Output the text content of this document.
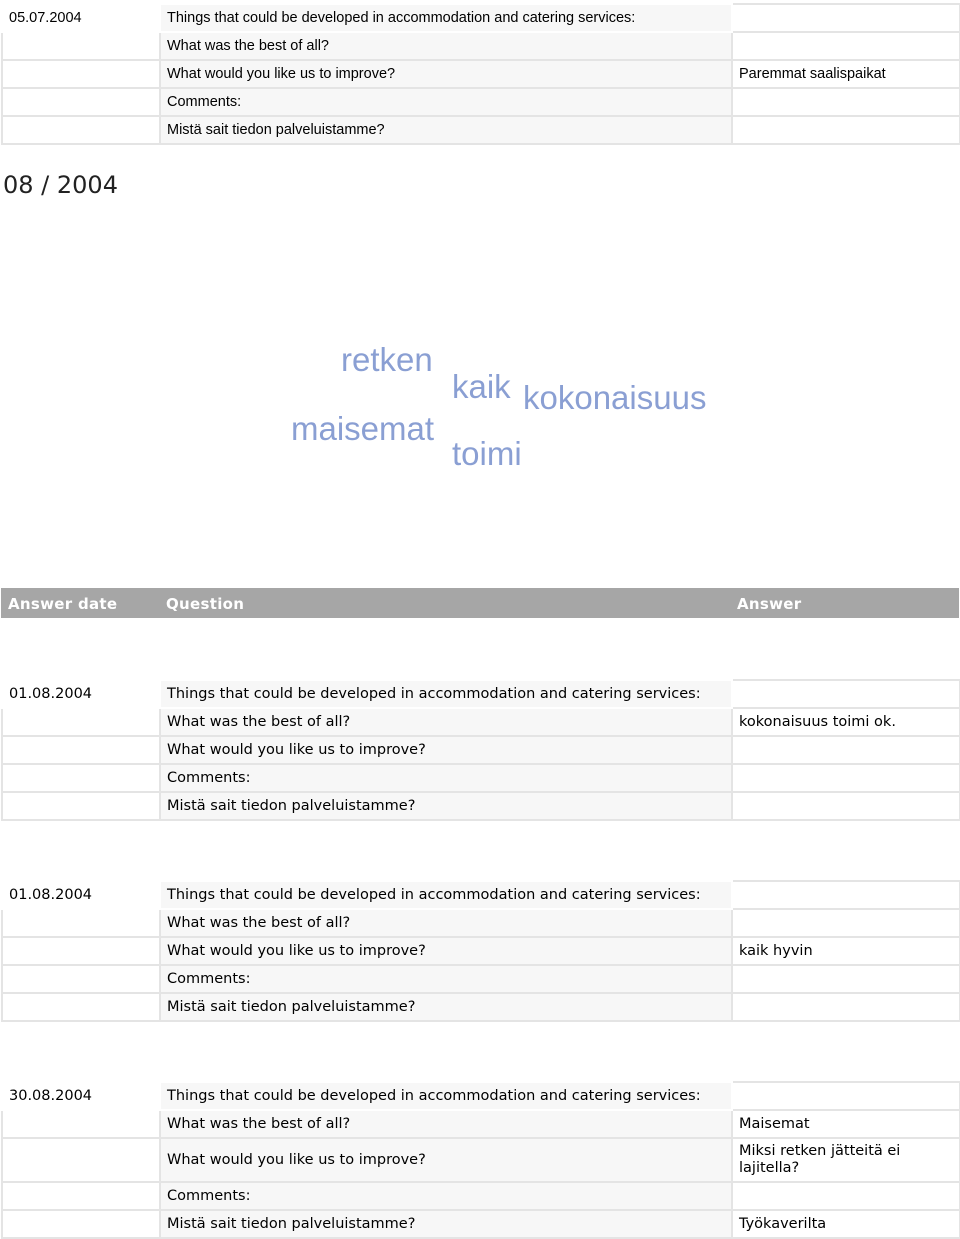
05.07.2004	Things that could be developed in accommodation and catering services:	
	What was the best of all?	
	What would you like us to improve?	Paremmat saalispaikat
	Comments:	
	Mistä sait tiedon palveluistamme?	
08 / 2004
retken
kaik kokonaisuus
maisemat
toimi
Answer date	Question	Answer
01.08.2004	Things that could be developed in accommodation and catering services:	
	What was the best of all?	kokonaisuus toimi ok.
	What would you like us to improve?	
	Comments:	
	Mistä sait tiedon palveluistamme?	
01.08.2004	Things that could be developed in accommodation and catering services:	
	What was the best of all?	
	What would you like us to improve?	kaik hyvin
	Comments:	
	Mistä sait tiedon palveluistamme?	
30.08.2004	Things that could be developed in accommodation and catering services:	
	What was the best of all?	Maisemat
	What would you like us to improve?	Miksi retken jätteitä ei lajitella?
	Comments:	
	Mistä sait tiedon palveluistamme?	Työkaverilta
